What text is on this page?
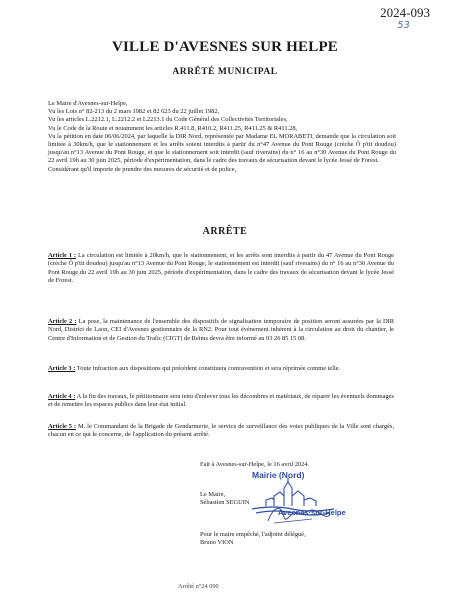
2024-093
53
VILLE D'AVESNES SUR HELPE
ARRÊTÉ MUNICIPAL

Le Maire d'Avesnes-sur-Helpe,

Vu les Lois n° 82-213 du 2 mars 1982 et 82 623 du 22 juillet 1982,

Vu les articles L.2212.1, L.2212.2 et L2213.1 du Code Général des Collectivités Territoriales,

Vu le Code de la Route et notamment les articles R.411.8, R410.2, R411.25, R411.25 & R411.28,

Vu la pétition en date 06/06/2024, par laquelle la DIR Nord, représentée par Madame EL MORABETI, demande que la circulation soit limitée à 30km/h, que le stationnement et les arrêts soient interdits à partir du n°47 Avenue du Pont Rouge (crèche Ô p'tit doudou) jusqu'au n°13 Avenue du Pont Rouge, et que le stationnement soit interdit (sauf riverains) du n° 16 au n°30 Avenue du Pont Rouge du 22 avril 19h au 30 juin 2025, période d'expérimentation, dans le cadre des travaux de sécurisation devant le lycée Jessé de Forest.

Considérant qu'il importe de prendre des mesures de sécurité et de police,

ARRÊTE

Article 1 : La circulation est limitée à 20km/h, que le stationnement, et les arrêts sont interdits à partir du 47 Avenue du Pont Rouge (crèche Ô p'tit doudou) jusqu'au n°13 Avenue du Pont Rouge, le stationnement est interdit (sauf riverains) du n° 16 au n°30 Avenue du Pont Rouge du 22 avril 19h au 30 juin 2025, période d'expérimentation, dans le cadre des travaux de sécurisation devant le lycée Jessé de Forest.

Article 2 : La pose, la maintenance de l'ensemble des dispositifs de signalisation temporaire de position seront assurées par la DIR Nord, District de Laon, CEI d'Avesnes gestionnaire de la RN2. Pour tout événement inhérent à la circulation au droit du chantier, le Centre d'Information et de Gestion du Trafic (CIGT) de Reims devra être informé au 03 26 85 15 08.

Article 3 : Toute infraction aux dispositions qui précèdent constituera contravention et sera réprimée comme telle.

Article 4 : A la fin des travaux, le pétitionnaire sera tenu d'enlever tous les décombres et matériaux, de réparer les éventuels dommages et de remettre les espaces publics dans leur état initial.

Article 5 : M. le Commandant de la Brigade de Gendarmerie, le service de surveillance des voies publiques de la Ville sont chargés, chacun en ce qui le concerne, de l'application du présent arrêté.

Fait à Avesnes-sur-Helpe, le 16 avril 2024.
Le Maire,
Sébastien SEGUIN
Pour le maire empêché, l'adjoint délégué,
Bruno VION
Mairie (Nord)
Avesnes·sur·Helpe
Arrêté n°24 090
